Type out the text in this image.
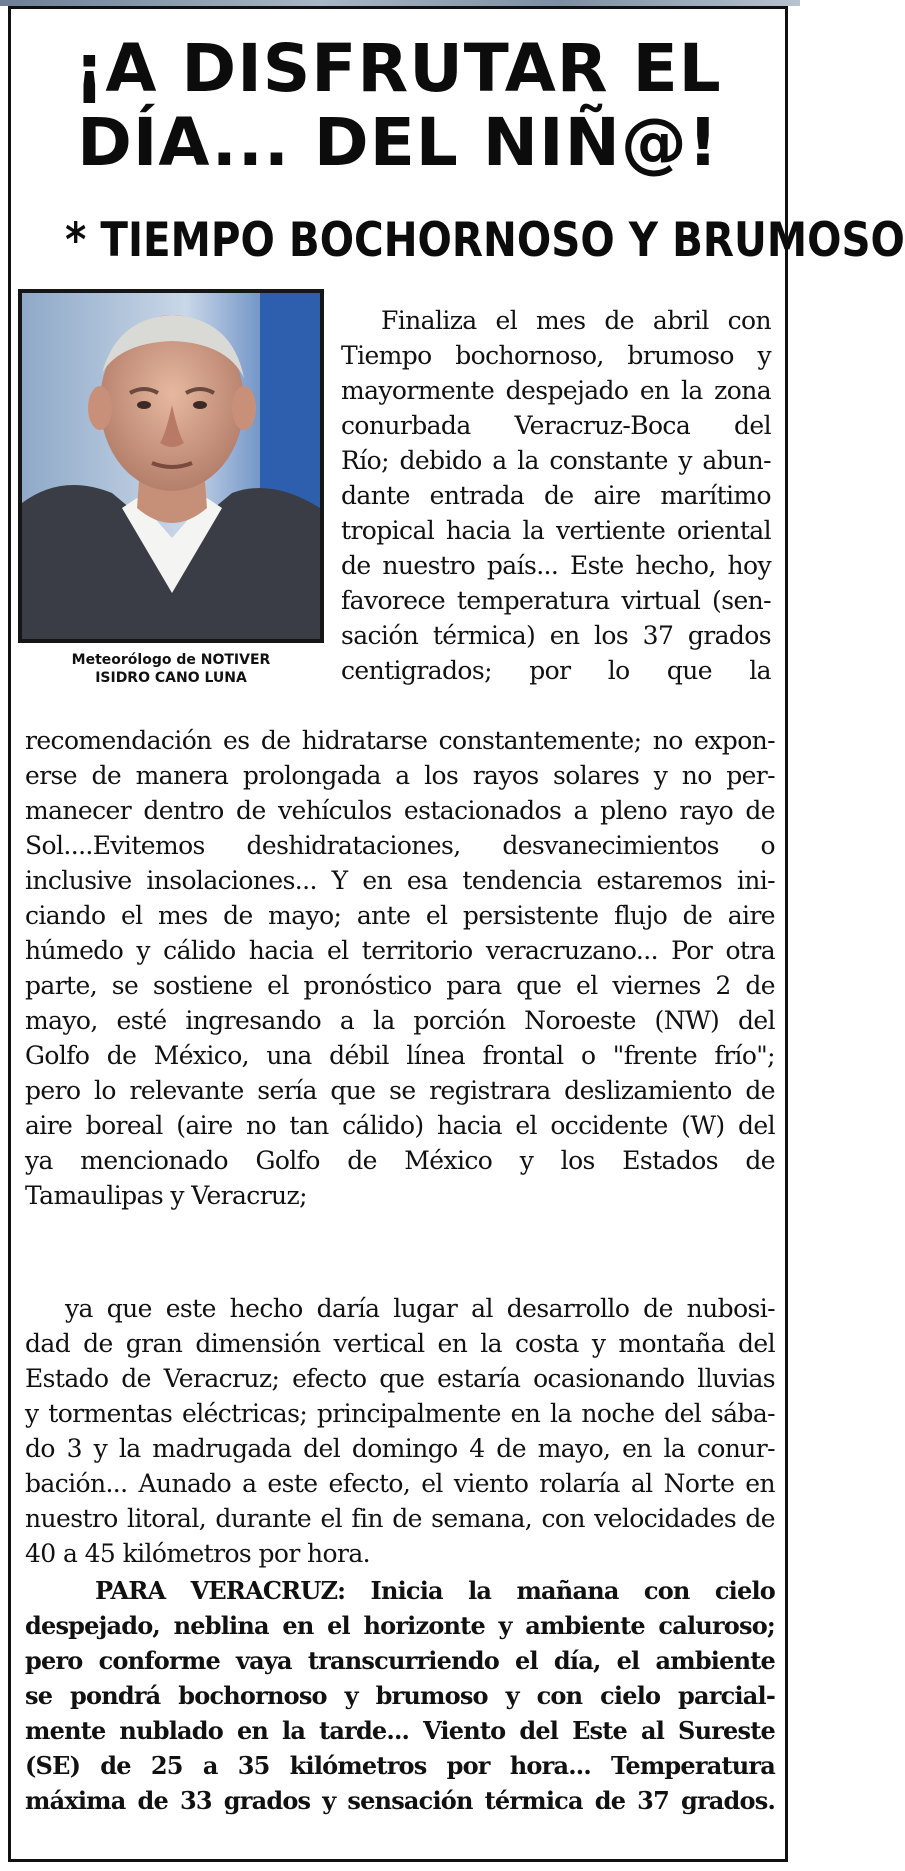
¡A DISFRUTAR EL
DÍA... DEL NIÑ@!
* TIEMPO BOCHORNOSO Y BRUMOSO

Meteorólogo de NOTIVER
ISIDRO CANO LUNA

Finaliza el mes de abril con
Tiempo bochornoso, brumoso y
mayormente despejado en la zona
conurbada Veracruz-Boca del
Río; debido a la constante y abun-
dante entrada de aire marítimo
tropical hacia la vertiente oriental
de nuestro país... Este hecho, hoy
favorece temperatura virtual (sen-
sación térmica) en los 37 grados
centigrados; por lo que la

recomendación es de hidratarse constantemente; no expon-
erse de manera prolongada a los rayos solares y no per-
manecer dentro de vehículos estacionados a pleno rayo de
Sol....Evitemos deshidrataciones, desvanecimientos o
inclusive insolaciones... Y en esa tendencia estaremos ini-
ciando el mes de mayo; ante el persistente flujo de aire
húmedo y cálido hacia el territorio veracruzano... Por otra
parte, se sostiene el pronóstico para que el viernes 2 de
mayo, esté ingresando a la porción Noroeste (NW) del
Golfo de México, una débil línea frontal o "frente frío";
pero lo relevante sería que se registrara deslizamiento de
aire boreal (aire no tan cálido) hacia el occidente (W) del
ya mencionado Golfo de México y los Estados de
Tamaulipas y Veracruz;

ya que este hecho daría lugar al desarrollo de nubosi-
dad de gran dimensión vertical en la costa y montaña del
Estado de Veracruz; efecto que estaría ocasionando lluvias
y tormentas eléctricas; principalmente en la noche del sába-
do 3 y la madrugada del domingo 4 de mayo, en la conur-
bación... Aunado a este efecto, el viento rolaría al Norte en
nuestro litoral, durante el fin de semana, con velocidades de
40 a 45 kilómetros por hora.

PARA VERACRUZ: Inicia la mañana con cielo
despejado, neblina en el horizonte y ambiente caluroso;
pero conforme vaya transcurriendo el día, el ambiente
se pondrá bochornoso y brumoso y con cielo parcial-
mente nublado en la tarde... Viento del Este al Sureste
(SE) de 25 a 35 kilómetros por hora... Temperatura
máxima de 33 grados y sensación térmica de 37 grados.
